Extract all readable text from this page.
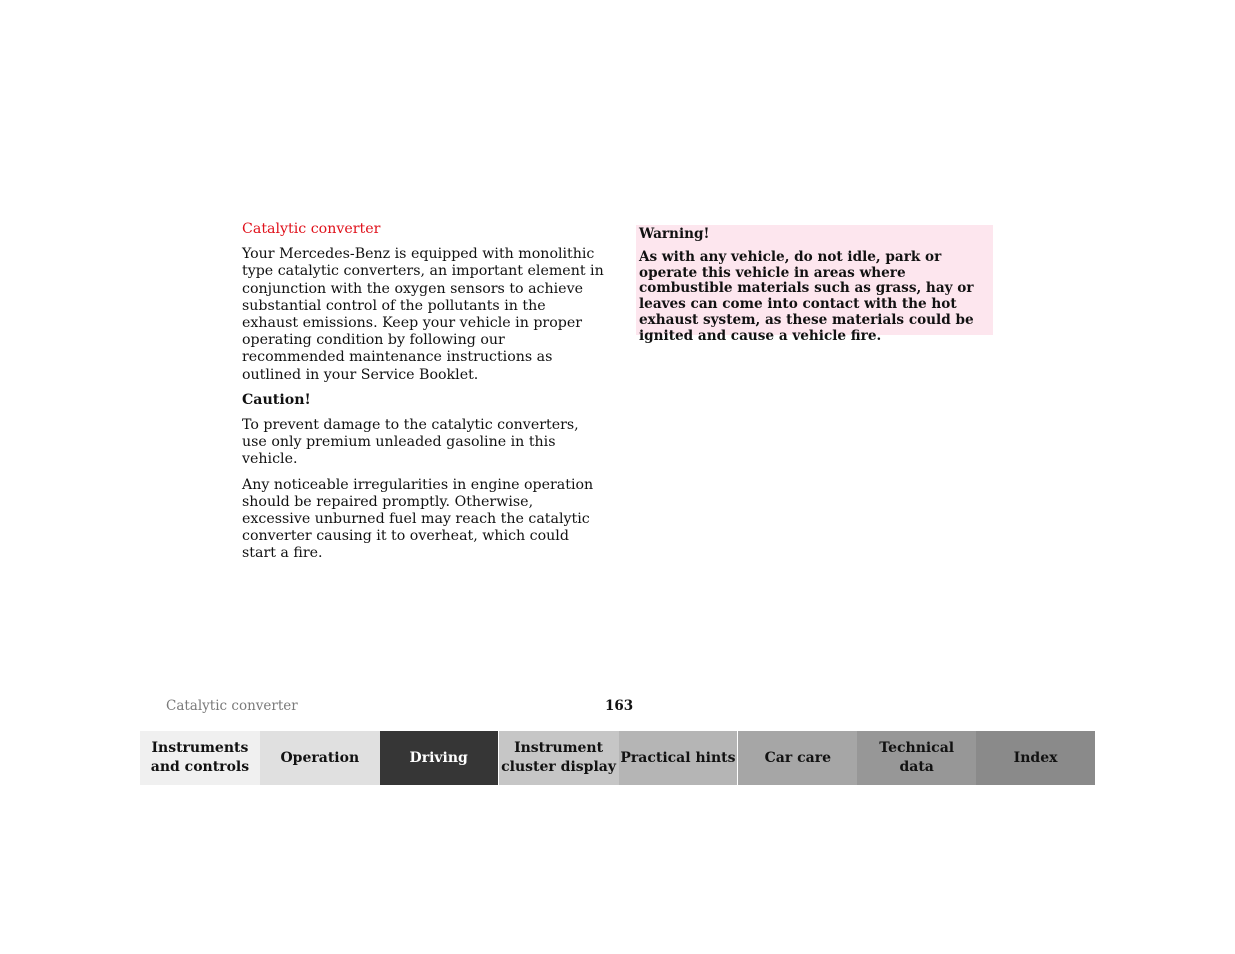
Catalytic converter

Your Mercedes-Benz is equipped with monolithic type catalytic converters, an important element in conjunction with the oxygen sensors to achieve substantial control of the pollutants in the exhaust emissions. Keep your vehicle in proper operating condition by following our recommended maintenance instructions as outlined in your Service Booklet.

Caution!

To prevent damage to the catalytic converters, use only premium unleaded gasoline in this vehicle.

Any noticeable irregularities in engine operation should be repaired promptly. Otherwise, excessive unburned fuel may reach the catalytic converter causing it to overheat, which could start a fire.

Warning!

As with any vehicle, do not idle, park or operate this vehicle in areas where combustible materials such as grass, hay or leaves can come into contact with the hot exhaust system, as these materials could be ignited and cause a vehicle fire.

Catalytic converter	163
Instruments
and controls
Operation	Driving
Instrument
cluster display
Practical hints	Car care
Technical
data
Index
